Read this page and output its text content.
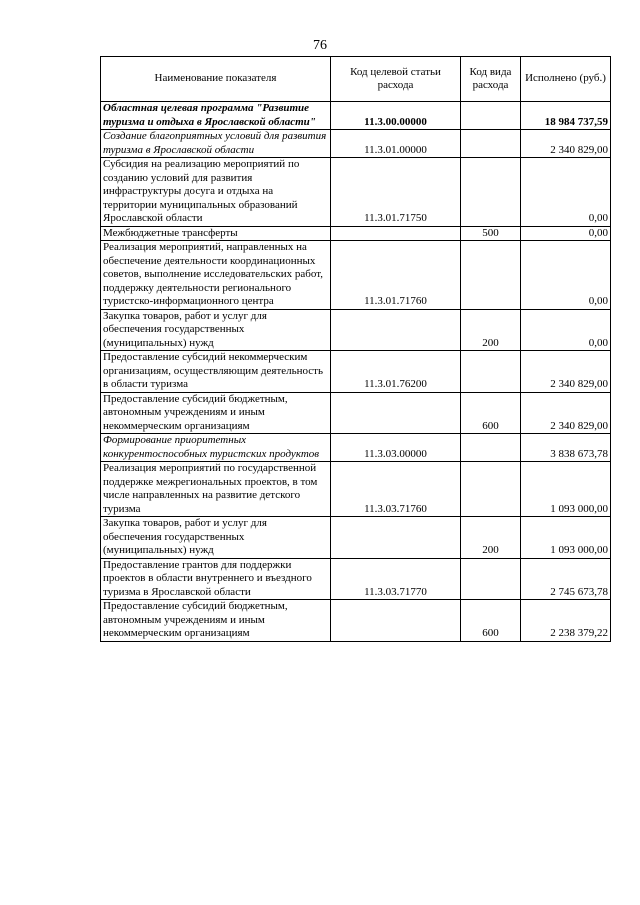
76
Наименование показателя	Код целевой статьи расхода	Код вида расхода	Исполнено (руб.)
Областная целевая программа "Развитие туризма и отдыха в Ярославской области"	11.3.00.00000		18 984 737,59
Создание благоприятных условий для развития туризма в Ярославской области	11.3.01.00000		2 340 829,00
Субсидия на реализацию мероприятий по созданию условий для развития инфраструктуры досуга и отдыха на территории муниципальных образований Ярославской области	11.3.01.71750		0,00
Межбюджетные трансферты		500	0,00
Реализация мероприятий, направленных на обеспечение деятельности координационных советов, выполнение исследовательских работ, поддержку деятельности регионального туристско-информационного центра	11.3.01.71760		0,00
Закупка товаров, работ и услуг для обеспечения государственных (муниципальных) нужд		200	0,00
Предоставление субсидий некоммерческим организациям, осуществляющим деятельность в области туризма	11.3.01.76200		2 340 829,00
Предоставление субсидий бюджетным, автономным учреждениям и иным некоммерческим организациям		600	2 340 829,00
Формирование приоритетных конкурентоспособных туристских продуктов	11.3.03.00000		3 838 673,78
Реализация мероприятий по государственной поддержке межрегиональных проектов, в том числе направленных на развитие детского туризма	11.3.03.71760		1 093 000,00
Закупка товаров, работ и услуг для обеспечения государственных (муниципальных) нужд		200	1 093 000,00
Предоставление грантов для поддержки проектов в области внутреннего и въездного туризма в Ярославской области	11.3.03.71770		2 745 673,78
Предоставление субсидий бюджетным, автономным учреждениям и иным некоммерческим организациям		600	2 238 379,22
